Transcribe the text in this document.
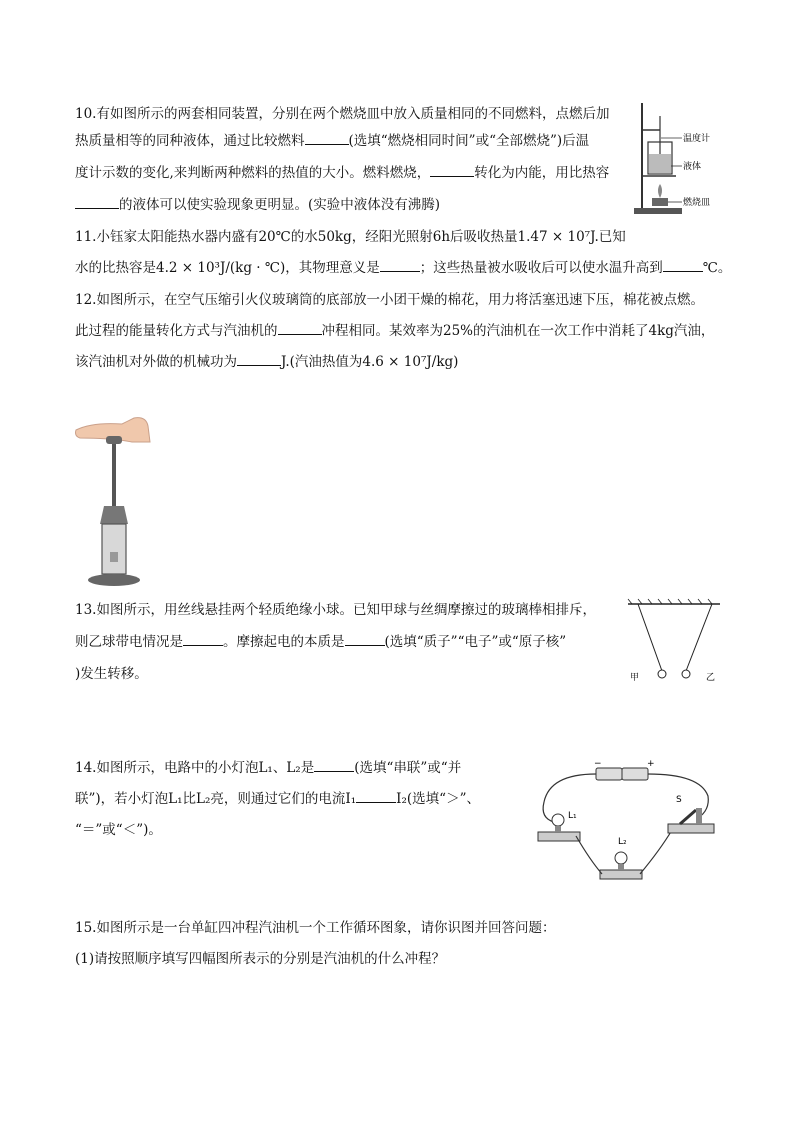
10.有如图所示的两套相同装置，分别在两个燃烧皿中放入质量相同的不同燃料，点燃后加
热质量相等的同种液体，通过比较燃料	(选填“燃烧相同时间”或“全部燃烧”)后温
度计示数的变化,来判断两种燃料的热值的大小。燃料燃烧，	转化为内能，用比热容
的液体可以使实验现象更明显。(实验中液体没有沸腾)
温度计
液体
燃烧皿
11.小钰家太阳能热水器内盛有20℃的水50kg，经阳光照射6h后吸收热量1.47 × 10⁷J.已知
水的比热容是4.2 × 10³J/(kg · ℃)，其物理意义是	；这些热量被水吸收后可以使水温升高到	℃。
12.如图所示，在空气压缩引火仪玻璃筒的底部放一小团干燥的棉花，用力将活塞迅速下压，棉花被点燃。
此过程的能量转化方式与汽油机的	冲程相同。某效率为25%的汽油机在一次工作中消耗了4kg汽油，
该汽油机对外做的机械功为	J.(汽油热值为4.6 × 10⁷J/kg)
13.如图所示，用丝线悬挂两个轻质绝缘小球。已知甲球与丝绸摩擦过的玻璃棒相排斥，
则乙球带电情况是	。摩擦起电的本质是	(选填“质子”“电子”或“原子核”
)发生转移。	甲	乙
14.如图所示，电路中的小灯泡L₁、L₂是	(选填“串联”或“并
联”)，若小灯泡L₁比L₂亮，则通过它们的电流I₁	I₂(选填“＞”、
“＝”或“＜”)。
−	+
L₁
L₂
S
15.如图所示是一台单缸四冲程汽油机一个工作循环图象，请你识图并回答问题：
(1)请按照顺序填写四幅图所表示的分别是汽油机的什么冲程？
